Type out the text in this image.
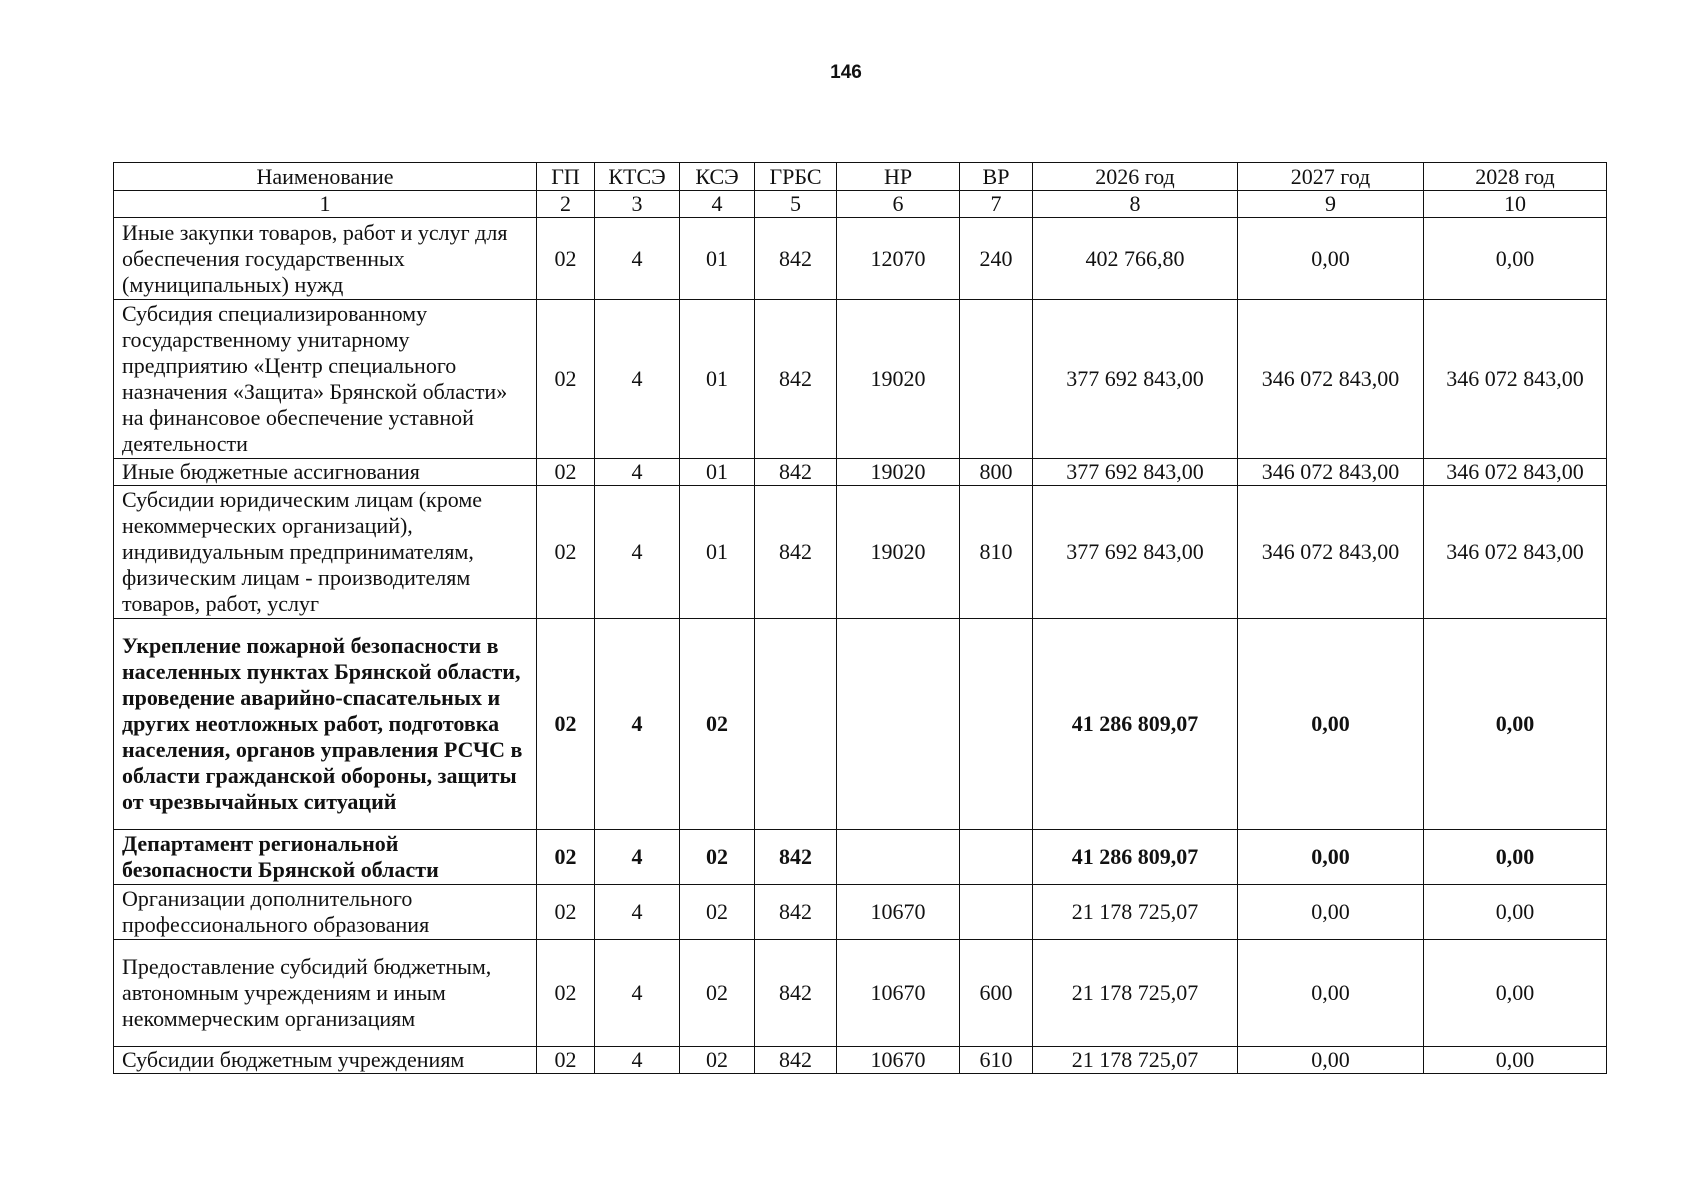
146
Наименование	ГП	КТСЭ	КСЭ	ГРБС	НР	ВР	2026 год	2027 год	2028 год
1	2	3	4	5	6	7	8	9	10
Иные закупки товаров, работ и услуг для обеспечения государственных (муниципальных) нужд	02	4	01	842	12070	240	402 766,80	0,00	0,00
Субсидия специализированному государственному унитарному предприятию «Центр специального назначения «Защита» Брянской области» на финансовое обеспечение уставной деятельности	02	4	01	842	19020		377 692 843,00	346 072 843,00	346 072 843,00
Иные бюджетные ассигнования	02	4	01	842	19020	800	377 692 843,00	346 072 843,00	346 072 843,00
Субсидии юридическим лицам (кроме некоммерческих организаций), индивидуальным предпринимателям, физическим лицам - производителям товаров, работ, услуг	02	4	01	842	19020	810	377 692 843,00	346 072 843,00	346 072 843,00
Укрепление пожарной безопасности в населенных пунктах Брянской области, проведение аварийно-спасательных и других неотложных работ, подготовка населения, органов управления РСЧС в области гражданской обороны, защиты от чрезвычайных ситуаций	02	4	02				41 286 809,07	0,00	0,00
Департамент региональной безопасности Брянской области	02	4	02	842			41 286 809,07	0,00	0,00
Организации дополнительного профессионального образования	02	4	02	842	10670		21 178 725,07	0,00	0,00
Предоставление субсидий бюджетным, автономным учреждениям и иным некоммерческим организациям	02	4	02	842	10670	600	21 178 725,07	0,00	0,00
Субсидии бюджетным учреждениям	02	4	02	842	10670	610	21 178 725,07	0,00	0,00
